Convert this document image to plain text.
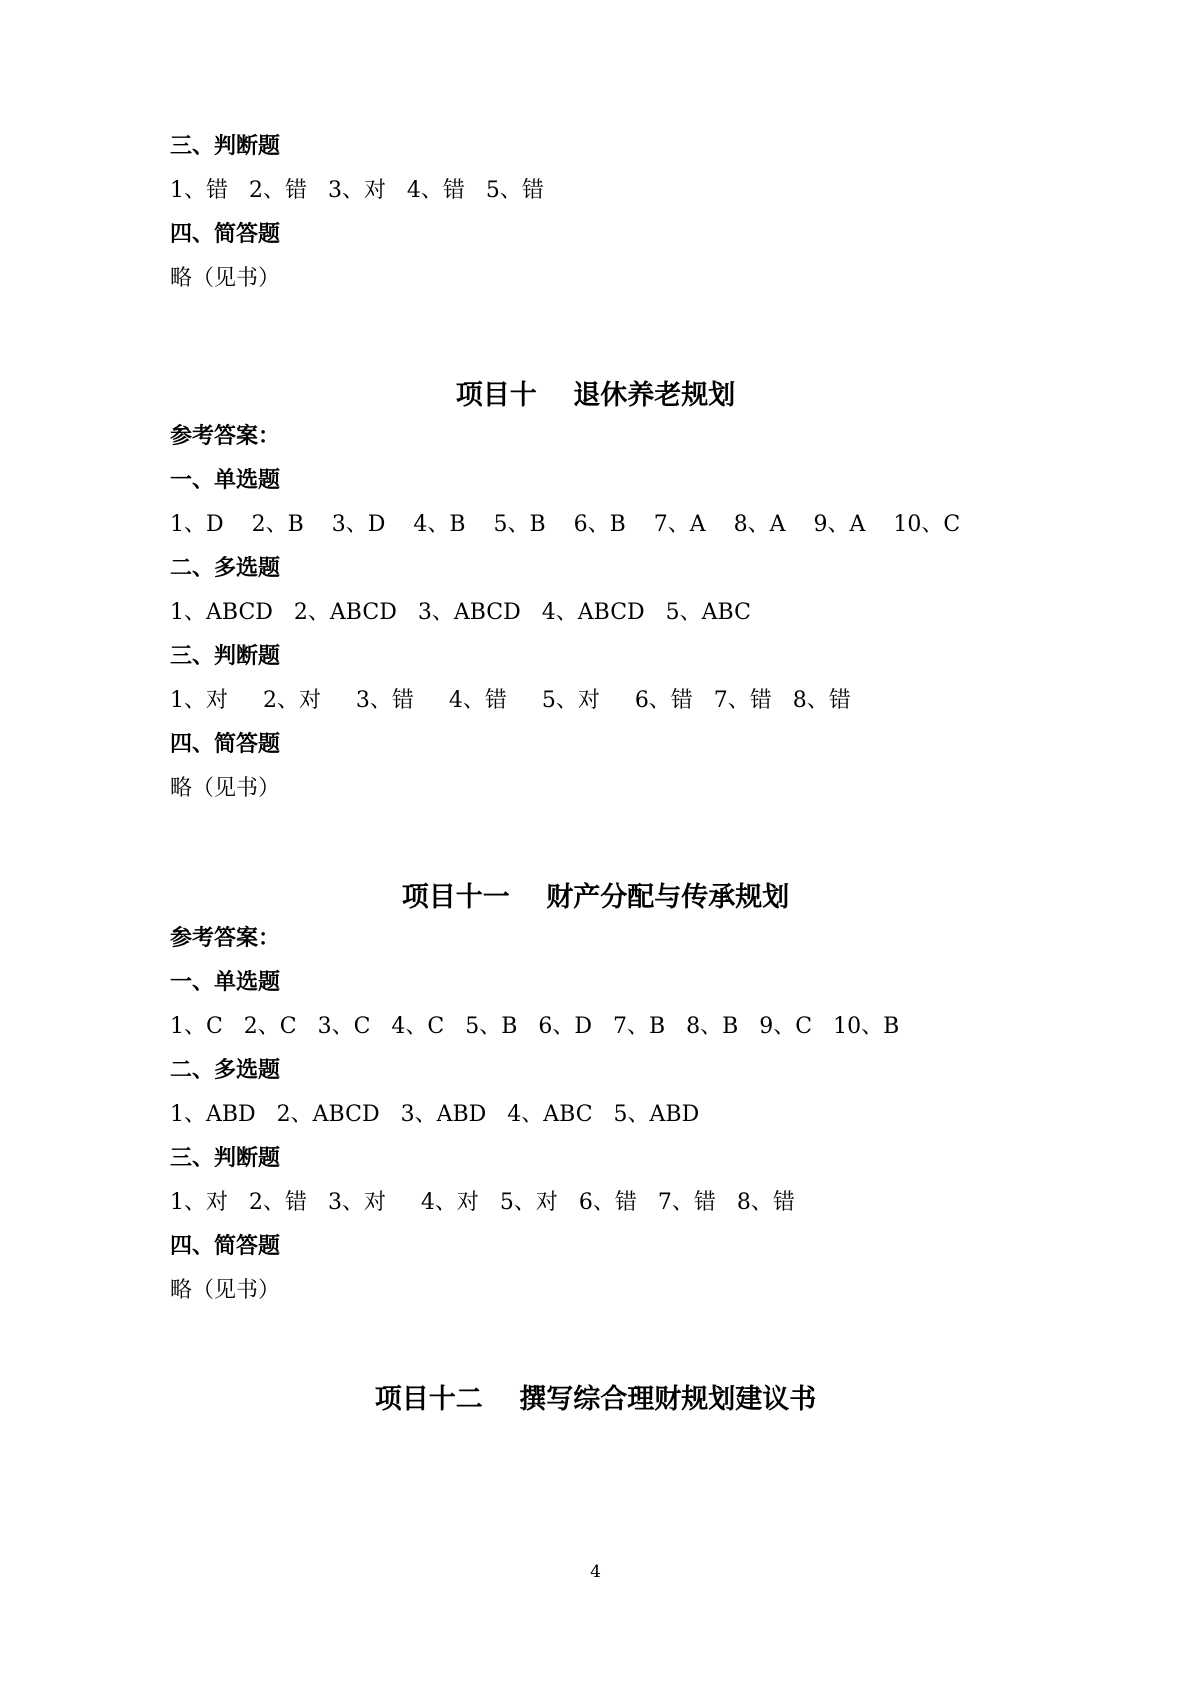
三、判断题
1、错   2、错   3、对   4、错   5、错
四、简答题
略（见书）
项目十　 退休养老规划
参考答案：
一、单选题
1、D    2、B    3、D    4、B    5、B    6、B    7、A    8、A    9、A    10、C
二、多选题
1、ABCD   2、ABCD   3、ABCD   4、ABCD   5、ABC
三、判断题
1、对     2、对     3、错     4、错     5、对     6、错   7、错   8、错
四、简答题
略（见书）
项目十一　 财产分配与传承规划
参考答案：
一、单选题
1、C   2、C   3、C   4、C   5、B   6、D   7、B   8、B   9、C   10、B
二、多选题
1、ABD   2、ABCD   3、ABD   4、ABC   5、ABD
三、判断题
1、对   2、错   3、对     4、对   5、对   6、错   7、错   8、错
四、简答题
略（见书）
项目十二　 撰写综合理财规划建议书
4
